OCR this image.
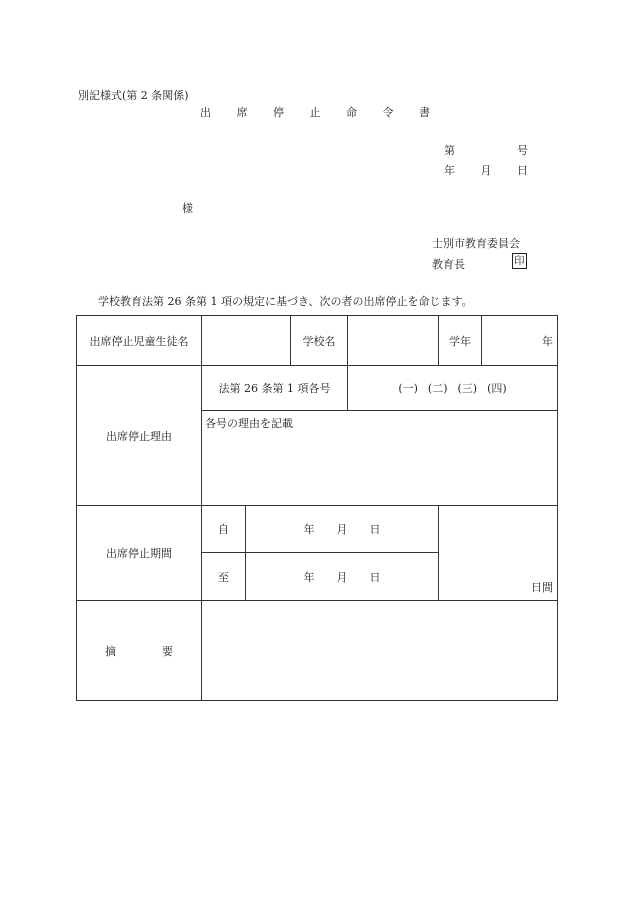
別記様式(第 2 条関係)
出 席 停 止 命 令 書
第	号
年 月 日
様
士別市教育委員会
教育長	印
学校教育法第 26 条第 1 項の規定に基づき、次の者の出席停止を命じます。
出席停止児童生徒名			学校名		学年	年
出席停止理由	法第 26 条第 1 項各号			(一) (二) (三) (四)		

	各号の理由を記載					
出席停止期間	自	年 月 日			日間	
	至	年 月 日				

摘 要						
